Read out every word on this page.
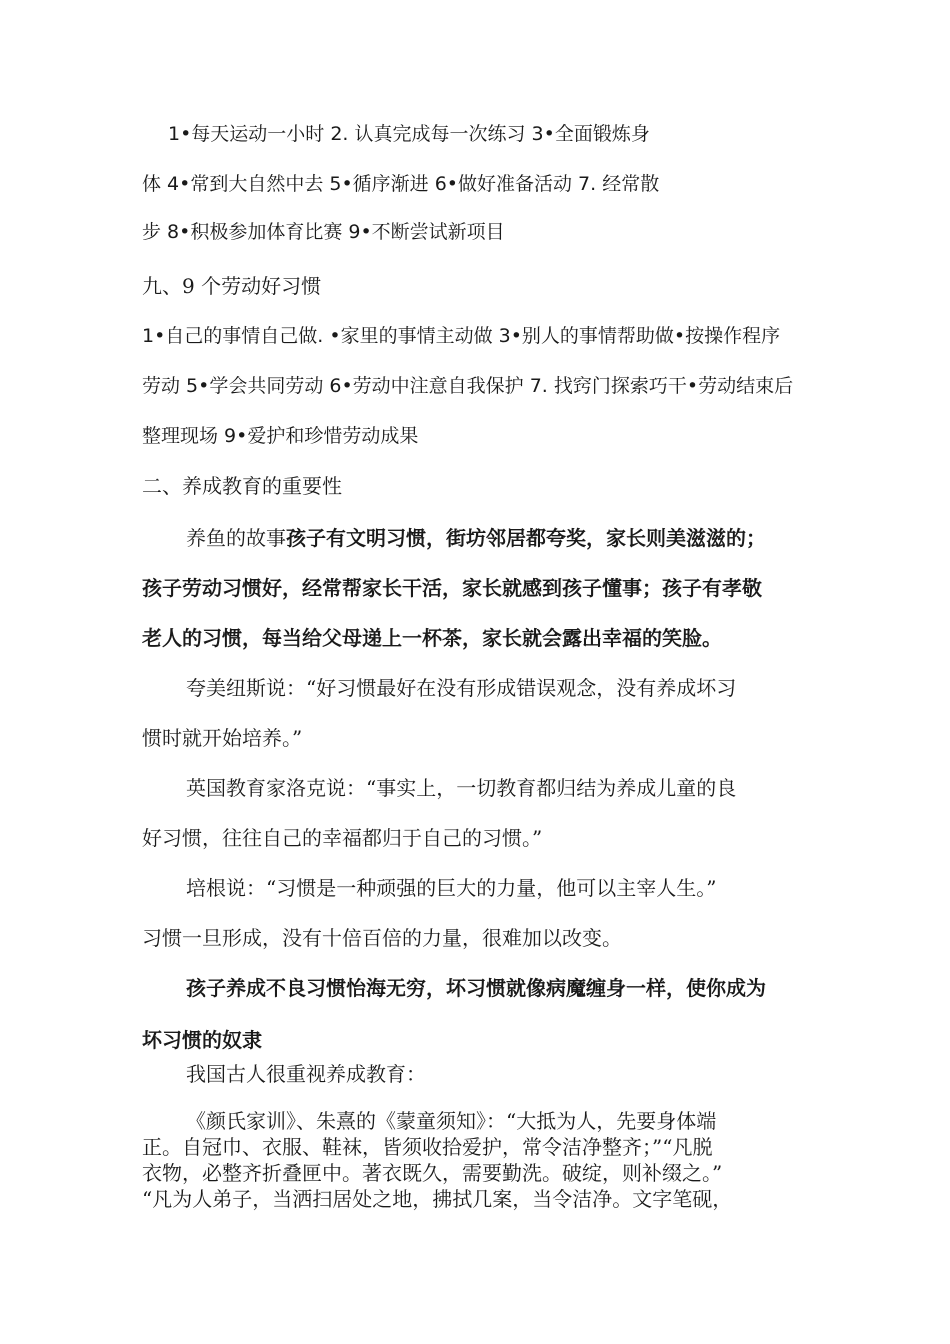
1•每天运动一小时 2. 认真完成每一次练习 3•全面锻炼身
体 4•常到大自然中去 5•循序渐进 6•做好准备活动 7. 经常散
步 8•积极参加体育比赛 9•不断尝试新项目
九、9 个劳动好习惯
1•自己的事情自己做. •家里的事情主动做 3•别人的事情帮助做•按操作程序
劳动 5•学会共同劳动 6•劳动中注意自我保护 7. 找窍门探索巧干•劳动结束后
整理现场 9•爱护和珍惜劳动成果
二、养成教育的重要性
养鱼的故事孩子有文明习惯，街坊邻居都夸奖，家长则美滋滋的；
孩子劳动习惯好，经常帮家长干活，家长就感到孩子懂事；孩子有孝敬
老人的习惯，每当给父母递上一杯茶，家长就会露出幸福的笑脸。
夸美纽斯说：“好习惯最好在没有形成错误观念，没有养成坏习
惯时就开始培养。”
英国教育家洛克说：“事实上，一切教育都归结为养成儿童的良
好习惯，往往自己的幸福都归于自己的习惯。”
培根说：“习惯是一种顽强的巨大的力量，他可以主宰人生。”
习惯一旦形成，没有十倍百倍的力量，很难加以改变。
孩子养成不良习惯怡海无穷，坏习惯就像病魔缠身一样，使你成为
坏习惯的奴隶
我国古人很重视养成教育：
《颜氏家训》、朱熹的《蒙童须知》：“大抵为人，先要身体端
正。自冠巾、衣服、鞋袜，皆须收拾爱护，常令洁净整齐；”“凡脱
衣物，必整齐折叠匣中。著衣既久，需要勤洗。破绽，则补缀之。”
“凡为人弟子，当洒扫居处之地，拂拭几案，当令洁净。文字笔砚，
